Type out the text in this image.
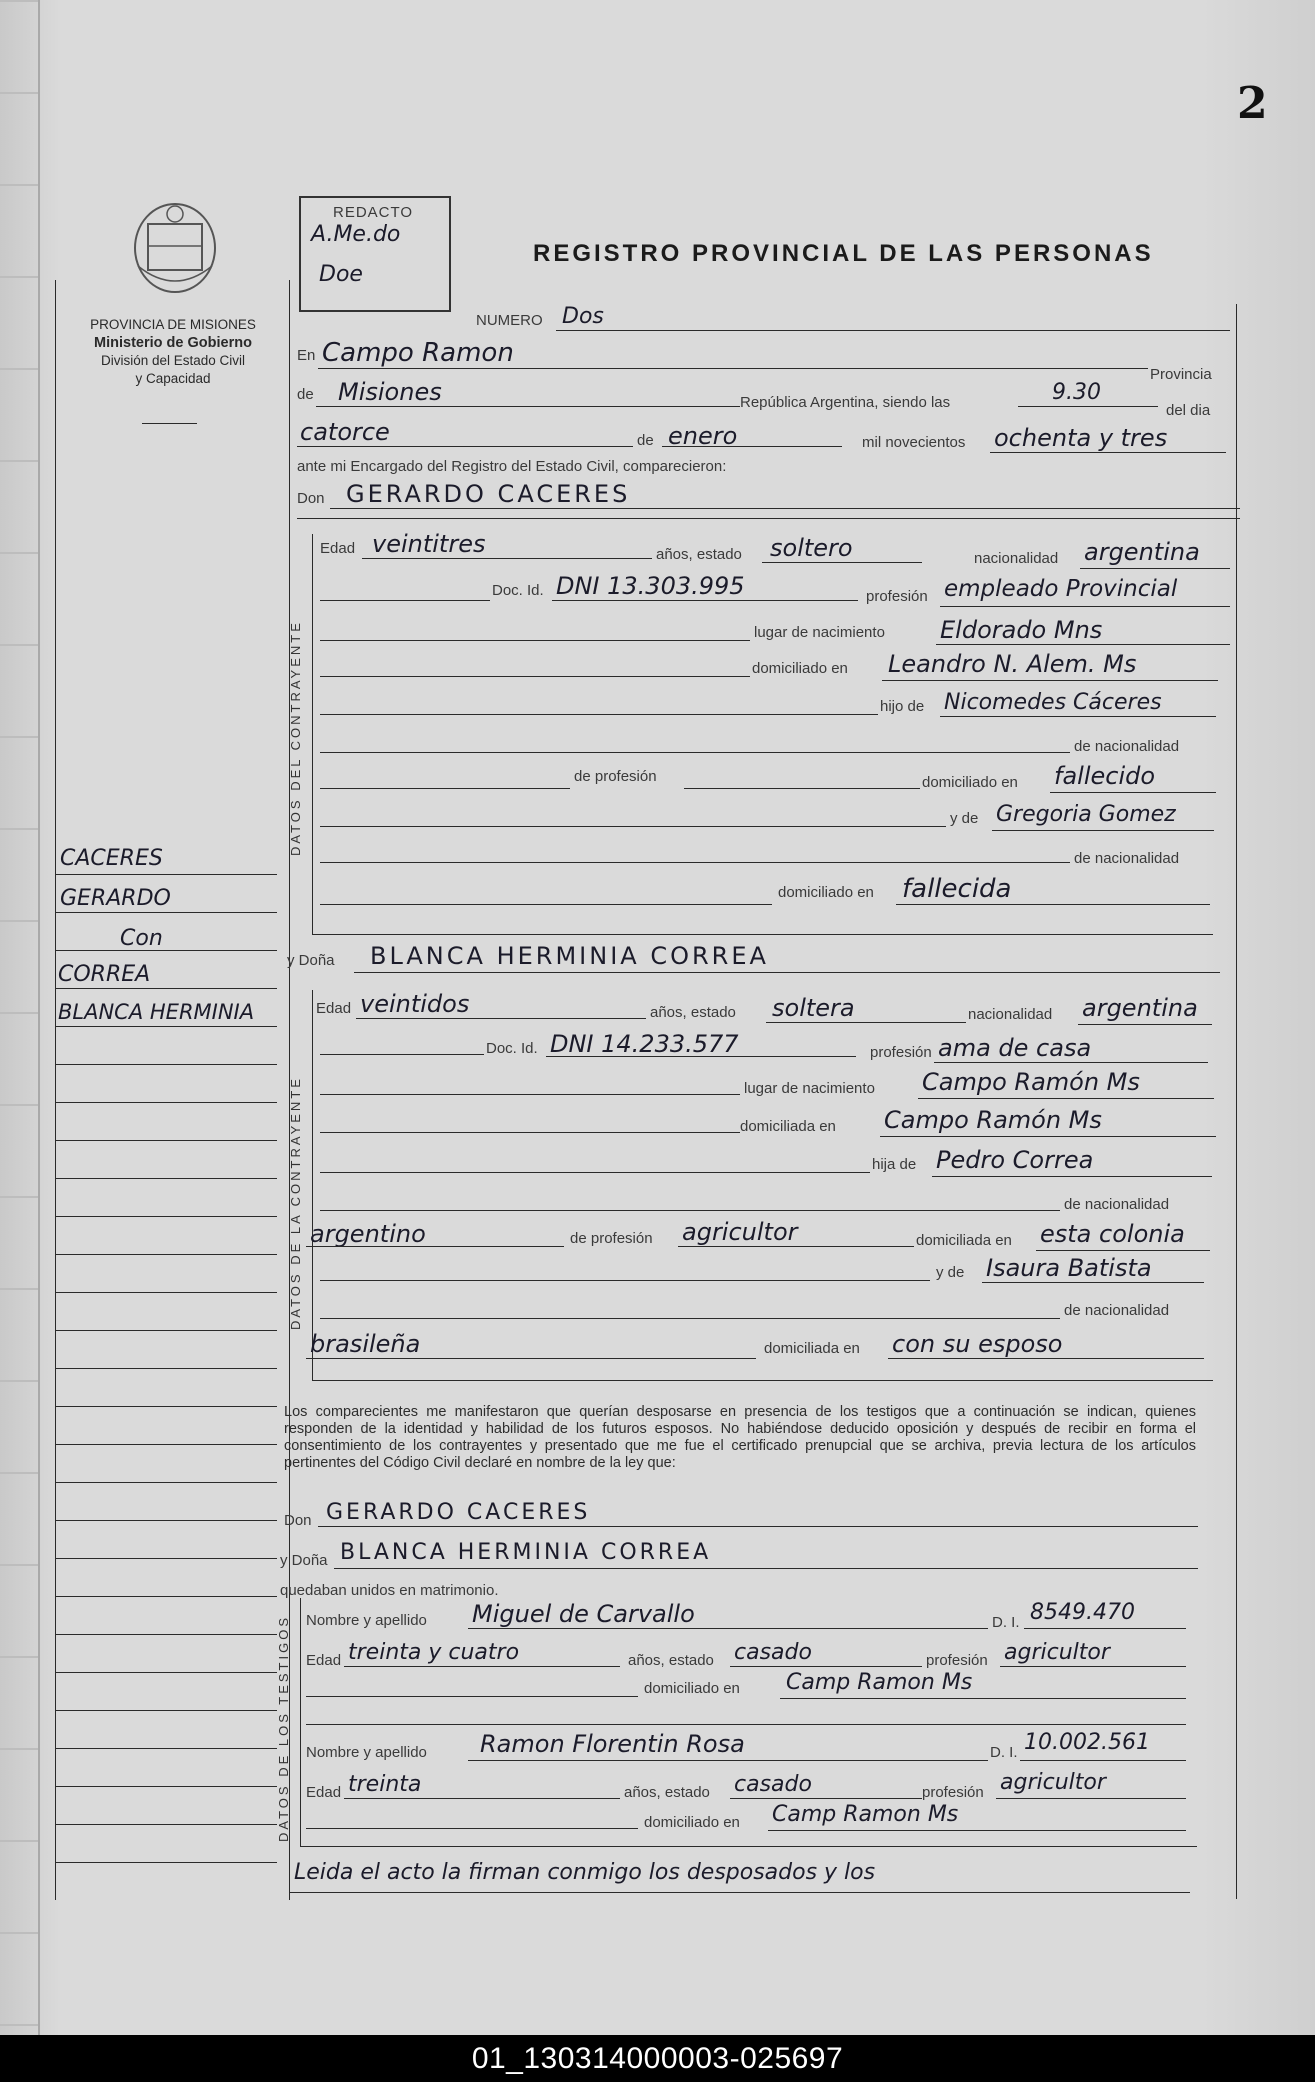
2
PROVINCIA DE MISIONES
Ministerio de Gobierno
División del Estado Civil
y Capacidad
REDACTO
A.Me.do
Doe
REGISTRO PROVINCIAL DE LAS PERSONAS
CACERES
GERARDO
Con
CORREA
BLANCA HERMINIA
NUMERO Dos
En Campo Ramon
Provincia
de Misiones	República Argentina, siendo las	9.30
del dia
catorce	de enero	mil novecientos ochenta y tres
ante mi Encargado del Registro del Estado Civil, comparecieron:
Don GERARDO CACERES
DATOS DEL CONTRAYENTE
Edad veintitres	años, estado soltero	nacionalidad argentina
Doc. Id. DNI 13.303.995	profesión empleado Provincial
lugar de nacimiento Eldorado Mns
domiciliado en Leandro N. Alem. Ms
hijo de Nicomedes Cáceres
de nacionalidad
de profesión	domiciliado en fallecido
y de Gregoria Gomez
de nacionalidad
domiciliado en fallecida
y Doña BLANCA HERMINIA CORREA
DATOS DE LA CONTRAYENTE
Edad veintidos	años, estado soltera	nacionalidad argentina
Doc. Id. DNI 14.233.577	profesión ama de casa
lugar de nacimiento Campo Ramón Ms
domiciliada en Campo Ramón Ms
hija de Pedro Correa
de nacionalidad
argentino	de profesión agricultor	domiciliada en esta colonia
y de Isaura Batista
de nacionalidad
brasileña	domiciliada en con su esposo
Los comparecientes me manifestaron que querían desposarse en presencia de los testigos que a continuación se indican, quienes responden de la identidad y habilidad de los futuros esposos. No habiéndose deducido oposición y después de recibir en forma el consentimiento de los contrayentes y presentado que me fue el certificado prenupcial que se archiva, previa lectura de los artículos pertinentes del Código Civil declaré en nombre de la ley que:
Don GERARDO CACERES
y Doña BLANCA HERMINIA CORREA
quedaban unidos en matrimonio.
DATOS DE LOS TESTIGOS Nombre y apellido Miguel de Carvallo	D. I. 8549.470
Edad treinta y cuatro	años, estado casado	profesión agricultor
domiciliado en Camp Ramon Ms
Nombre y apellido Ramon Florentin Rosa	D. I. 10.002.561
Edad treinta	años, estado casado	profesión agricultor
domiciliado en Camp Ramon Ms
Leida el acto la firman conmigo los desposados y los
01_130314000003-025697
